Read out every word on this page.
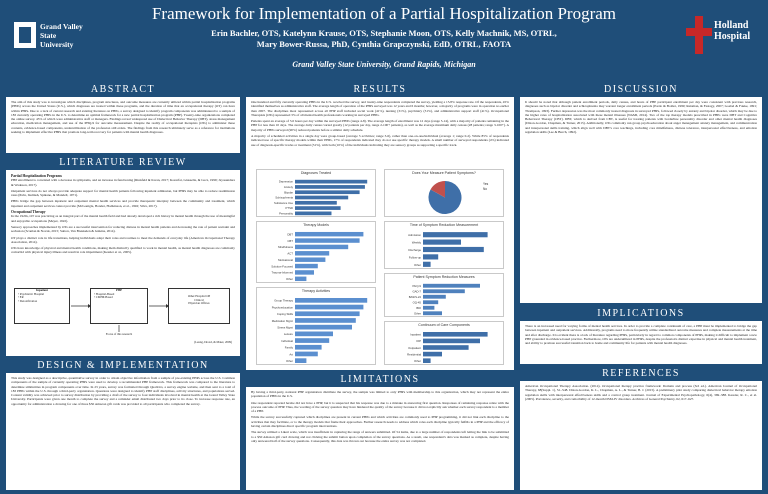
Grand Valley State University
Framework for Implementation of a Partial Hospitalization Program
Erin Bachler, OTS, Katelynn Krause, OTS, Stephanie Moon, OTS, Kelly Machnik, MS, OTRL,
Mary Bower-Russa, PhD, Cynthia Grapczynski, EdD, OTRL, FAOTA
Grand Valley State University, Grand Rapids, Michigan
Holland
Hospital
ABSTRACT
The aim of this study was to investigate which disciplines, program structures, and outcome measures are currently utilized within partial hospitalization programs (PHPs) across the United States (U.S.), which diagnoses are treated within these programs, and the duration of time that an occupational therapy (OT) can have within PHPs. Due to a lack of current research and existing literature on PHPs, a survey designed to identify program components was administered to a sample of 183 currently operating PHPs in the U.S. to determine an optimal framework for a new partial hospitalization program (PHP). Twenty-nine organizations completed the online survey. 45% of which were administrative staff or managers. Findings reveal widespread use of Dialectical Behavior Therapy (DBT), stress management education, medication management, and use of the PHQ-9 for outcome measurement. Despite the reality of occupational therapists (OTs) to administer these contents, evidence-based components, underutilization of the profession still exists. The findings from this research ultimately serve as a reference for institutions seeking to implement effective PHPs that promote long-term recovery for patients with mental health diagnoses.
LITERATURE REVIEW
Partial Hospitalization Programs

PHP enrollment is correlated with a decrease in symptoms, and an increase in functioning (Rinkfeld & Kwan, 2017; Kozarfai, Giusselle, & Lucz, 1999; Jayasundara & Wadeson, 2017).

Outpatient services do not always provide adequate support for mental health patients following inpatient admission, but PHPs may be able to reduce readmission rates (Ibrin, Inslinsh, Spikane, & Mandell, 1971).

PHPs bridge the gap between inpatient and outpatient mental health services and provide therapeutic interplay between the community and treatment, which inpatient and outpatient services cannot provide (McGonigle, Bonder, Hodkinson, et al., 1992; Silva, 2017).

Occupational Therapy

In the 1920s, OT was practicing as an integral part of the mental health field and had already developed a rich history in mental health through the use of meaningful and enjoyable occupations (Meyer, 1922).

Sensory approaches implemented by OTs are a successful intervention for reducing distress in mental health patients and decreasing the rate of patient restraint and seclusion (Scanlan & Novak, 2015; Sutton, Van Breukelen & Jenkins, 2014).

OT plays a distinct role in life transitions, helping individuals adapt their roles and routines to meet the demands of everyday life (American Occupational Therapy Association, 2014).

OTs have knowledge of physical and mental health conditions, making them distinctly qualified to work in mental health, as mental health diagnoses are commonly comorbid with physical injury/illness and result in role impairment (Kessler et al., 2005).

Inpatient
• Psychiatric Hospital
• ER
• Detoxification
PHP
• Hospital-Based
• CMHP-Based	Other Hospital OP
Clinical
Physician Offices
Focus of this research
(Leung, Drozd, & Maier, 2009)
DESIGN & IMPLEMENTATION
This study was designed as a descriptive, quantitative survey in order to obtain objective information from a sample of pre-existing PHPs across the U.S. Common components of the sample of currently operating PHPs were used to develop a recommended PHP framework. This framework was compared to the literature to determine similarities in program components over time. In 23 years, survey was formatted through Qualtrics, a survey engine website, and then sent to a total of 183 PHPs within the U.S. through a third-party organization. Questions were designed to identify PHP staff disciplines, activity structures, and populations served. Content validity was achieved prior to survey distribution by providing a draft of the survey to four individuals involved in mental health at the Grand Valley State University. Participants were given one month to complete the survey and a reminder email distributed two days prior to its close. To increase response rate, an opportunity for administration a drawing for one of three $50 Amazon gift cards was provided to all participants who completed the survey.
RESULTS

One hundred and fifty currently operating PHPs in the U.S. received the survey, and twenty-nine respondents completed the survey, yielding a 15.8% response rate. Of the respondents, 45% identified themselves as administrative staff. The average length of operation of the PHPs surveyed was 12 years and 6 months; however, a majority of programs were in operation no earlier than 2007. The disciplines most represented across all PHP staff included social work (41%), nursing (31%), psychiatry (31%), and administrative support staff (41%). Occupational Therapists (OTs) represented 3% of all mental health professionals working in surveyed PHPs.

Patients spent an average of 5.0 hours per day within the surveyed PHPs (range 4-8). The average length of enrollment was 12 days (range 5-14), with a majority of patients remaining in the PHP for less than 10 days. The average daily census varied greatly (12 patients per day, range 2-100+ patients), as well as the average maximum daily census (28 patients; range 3-100+). A majority of PHPs surveyed (90%) reduced patients before a similar daily schedule.

A majority of scheduled activities in a single day were group-based (average 5 activities; range 3-6), rather than one-on-one/individual (average 1; range 0-2). While 85% of respondents indicated use of specific therapy models within their PHPs, 17% of respondents indicated they do not use specific therapy models. A small number of surveyed respondents (4%) indicated use of diagnosis-specific tracks or treatment (31%), with both (10%) of the individuals indicating they are sensory groups as supporting a specific track.

Diagnoses Treated
Depression
Anxiety
Bipolar
Schizophrenia
Substance Use
PTSD
Personality
Does Your Measure Patient Symptoms?
Yes
No
Therapy Models
DBT
CBT
Mindfulness
ACT
Motivational
Solution-Focused
Trauma-Informed
Other
Time of Symptom Reduction Measurement
Admission
Weekly
Discharge
Follow-up
Other
Patient Symptom Reduction Measures
PHQ-9
GAD-7
BASIS-24
OQ-45
BDI
Other
Therapy Activities
Group Therapy
Psychoeducation
Coping Skills
Medication Mgmt
Stress Mgmt
Leisure
Individual
Family
Art
Other
Continuum of Care Components
Inpatient
IOP
Outpatient
Residential
Other
LIMITATIONS

By having a third-party, national PHP organization distribute the survey, the sample was limited to only PHPs with membership to this organization, which may not represent the entire population of PHPs in the U.S.

One respondent reported he/she did not have a PHP, but it is suspected that his response was due to a mistake in answering first question. Responses of remaining response relate with the process outcome of PHP. Thus, the wording of the survey question may have hindered the quality of the survey because it did not explicitly ask whether each survey respondent is a member of a PHP.

While the survey successfully captured which disciplines are present in current PHPs and which activities are commonly used to PHP programming, it did not link each discipline to the activities that they facilitate, or to the therapy models that frame their approaches. Further research needs to address which roles each discipline typically fulfills in a PHP and the efficacy of having certain disciplines direct specific program interventions.

The survey utilized a Likert scale, which was insufficient in capturing the range of answers submitted. Of 54 items, due to a large number of respondents left letting the link to be submitted to a $50 Amazon gift card drawing and not clicking the submit button upon completion of the survey questions. As a result, one respondent's data was marked as complete, despite having only answered half of the survey questions. Consequently, this data was thrown out because the entire survey was not completed.

DISCUSSION
It should be noted that although patient enrollment periods, daily census, and hours of PHP participant enrollment per day were consistent with previous research, diagnoses such as bipolar disorder and schizophrenia may warrant longer enrollment periods (Pardo & Bolder, 1999; Reisman, & Fastagy, 2007; Goebel & Fokke, 1991; Thompson, 1993). Further depression was the most commonly treated diagnosis in surveyed PHPs, followed closely by anxiety and bipolar disorder, which may be due to the higher rates of hospitalization associated with these mental illnesses (NAMI, 2014). Two of the top therapy models prescribed in PHPs were DBT and Cognitive Behavioral Therapy (CBT). DBT, which is derived from CBT, is useful for treating patients with borderline personality disorder and other mental health diagnoses (Dixon-Gordon, Chapman, & Turner, 2015). Additionally, OTs commonly run group psychoeducation about anger management anxiety management, and communication and interpersonal skills training, which align well with DBT's core teachings, including core mindfulness, distress tolerance, interpersonal effectiveness, and emotion regulation skills (Lee & Burch, 1992).
IMPLICATIONS
There is an increased need for varying forms of mental health services. In order to provide a complete continuum of care, a PHP must be implemented to bridge the gap between inpatient and outpatient services. Additionally, programs need to more frequently utilize standardized outcome measures and complete measurements at the time and after discharge. It is evident there is a lack of literature regarding PHPs, particularly in regard to common components of PHPs, making it difficult to implement a new PHP grounded in evidence-based practice. Furthermore, OTs are underutilized in PHPs, despite the profession's distinct expertise in physical and mental health treatment, and ability to promote successful transition back to home and community life for patients with mental health diagnoses.
REFERENCES
American Occupational Therapy Association. (2014). Occupational therapy practice framework: Domain and process (3rd ed.). American Journal of Occupational Therapy, 68(Suppl. 1), S1–S48. Dixon-Gordon, K. L., Chapman, A. L., & Turner, B. J. (2015). A preliminary pilot study comparing dialectical behavior therapy emotion regulation skills with interpersonal effectiveness skills and a control group treatment. Journal of Experimental Psychopathology, 6(4), 369–388. Kessler, R. C., et al. (2005). Prevalence, severity, and comorbidity of 12-month DSM-IV disorders. Archives of General Psychiatry, 62, 617–627.
